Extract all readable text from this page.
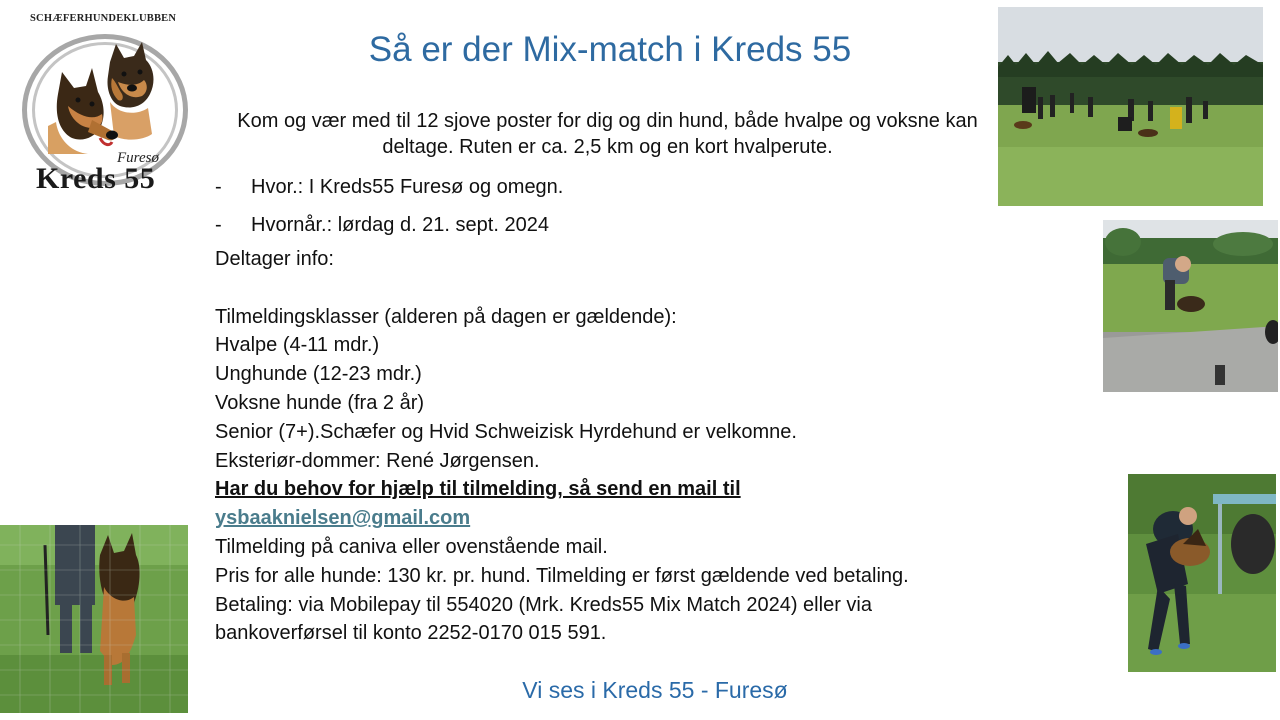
SCHÆFERHUNDEKLUBBEN
Furesø
Kreds 55
Så er der Mix-match i Kreds 55
Kom og vær med til 12 sjove poster for dig og din hund, både hvalpe og voksne kan deltage. Ruten er ca. 2,5 km og en kort hvalperute.
- Hvor.: I Kreds55 Furesø og omegn.
- Hvornår.: lørdag d. 21. sept. 2024
Deltager info:
Tilmeldingsklasser (alderen på dagen er gældende):
Hvalpe (4-11 mdr.)
Unghunde (12-23 mdr.)
Voksne hunde (fra 2 år)
Senior (7+).Schæfer og Hvid Schweizisk Hyrdehund er velkomne.
Eksteriør-dommer: René Jørgensen.
Har du behov for hjælp til tilmelding, så send en mail til
ysbaaknielsen@gmail.com
Tilmelding på caniva eller ovenstående mail.
Pris for alle hunde: 130 kr. pr. hund. Tilmelding er først gældende ved betaling.
Betaling: via Mobilepay til 554020 (Mrk. Kreds55 Mix Match 2024) eller via
bankoverførsel til konto 2252-0170 015 591.
Vi ses i Kreds 55 - Furesø
